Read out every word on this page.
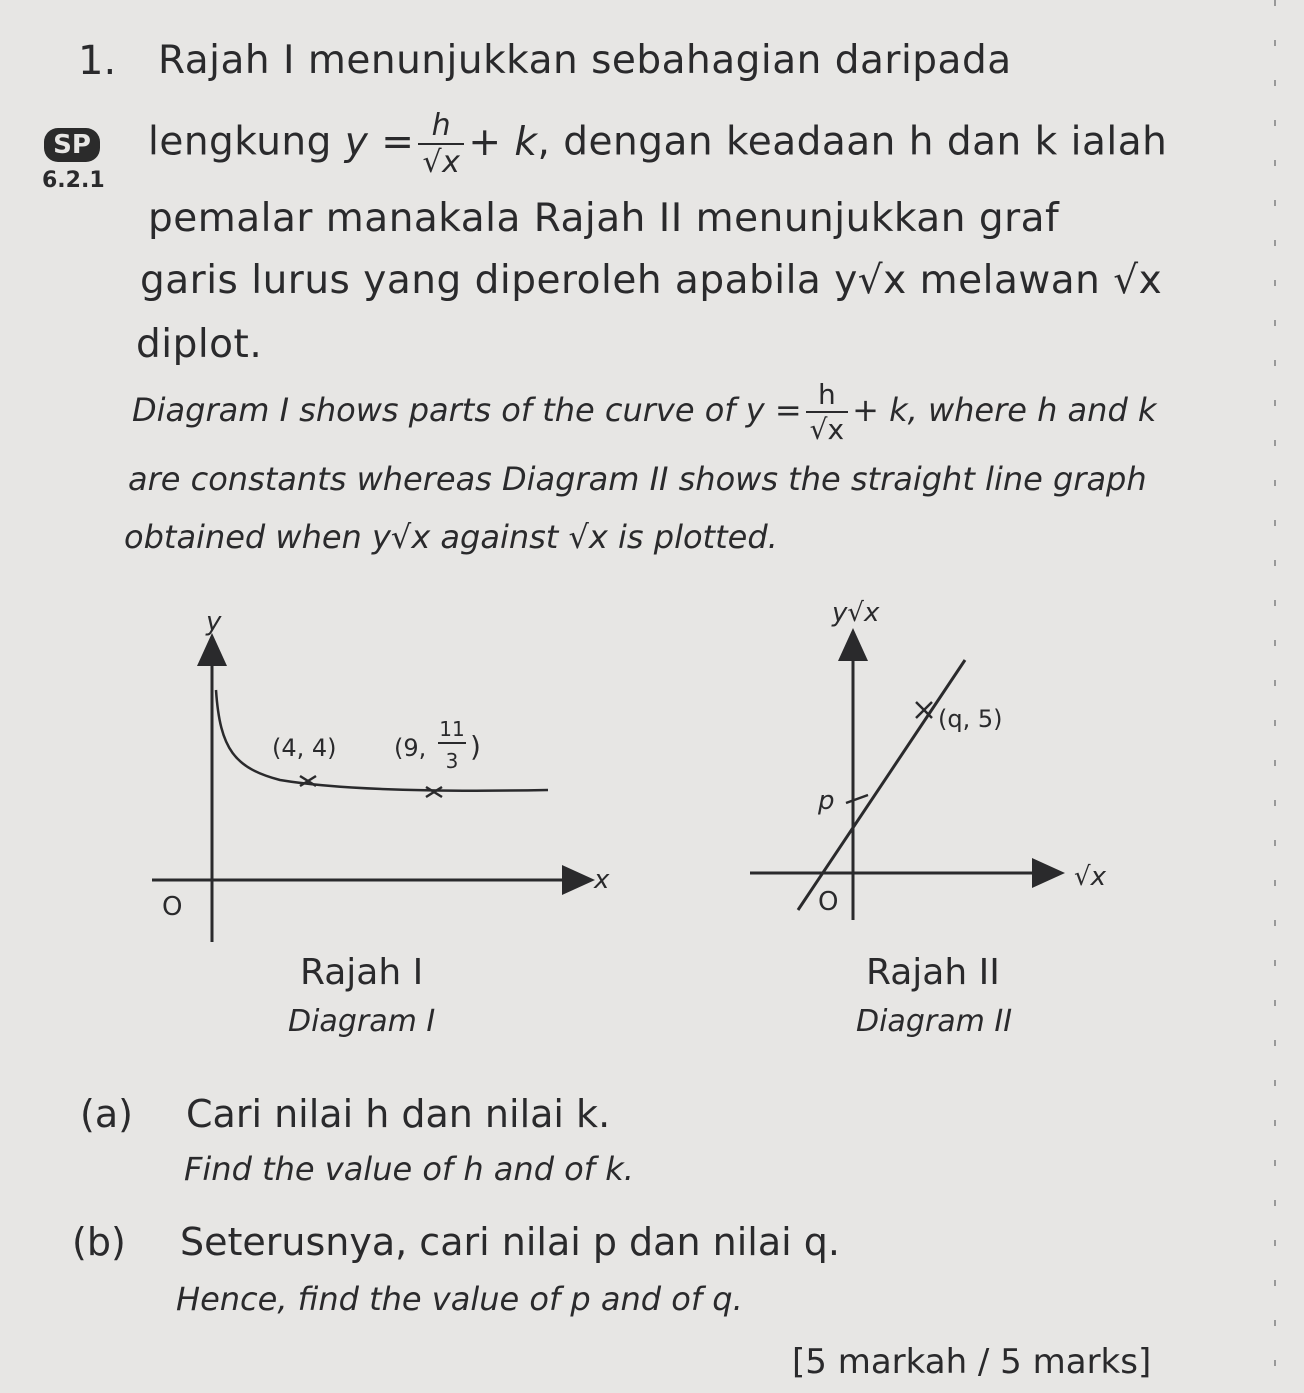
1. Rajah I menunjukkan sebahagian daripada
SP
6.2.1
lengkung $y = \frac{h}{√x} + k$, dengan keadaan h dan k ialah
pemalar manakala Rajah II menunjukkan graf
garis lurus yang diperoleh apabila y√x melawan √x
diplot.
Diagram I shows parts of the curve of $y = \frac{h}{√x} + k$, where h and k
are constants whereas Diagram II shows the straight line graph
obtained when y√x against √x is plotted.
y
x
O
(4, 4) (9,
11
3 )
Rajah I
Diagram I
y√x
√x
O
p
(q, 5)
Rajah II
Diagram II
(a) Cari nilai h dan nilai k.
Find the value of h and of k.
(b) Seterusnya, cari nilai p dan nilai q.
Hence, find the value of p and of q.
[5 markah / 5 marks]
